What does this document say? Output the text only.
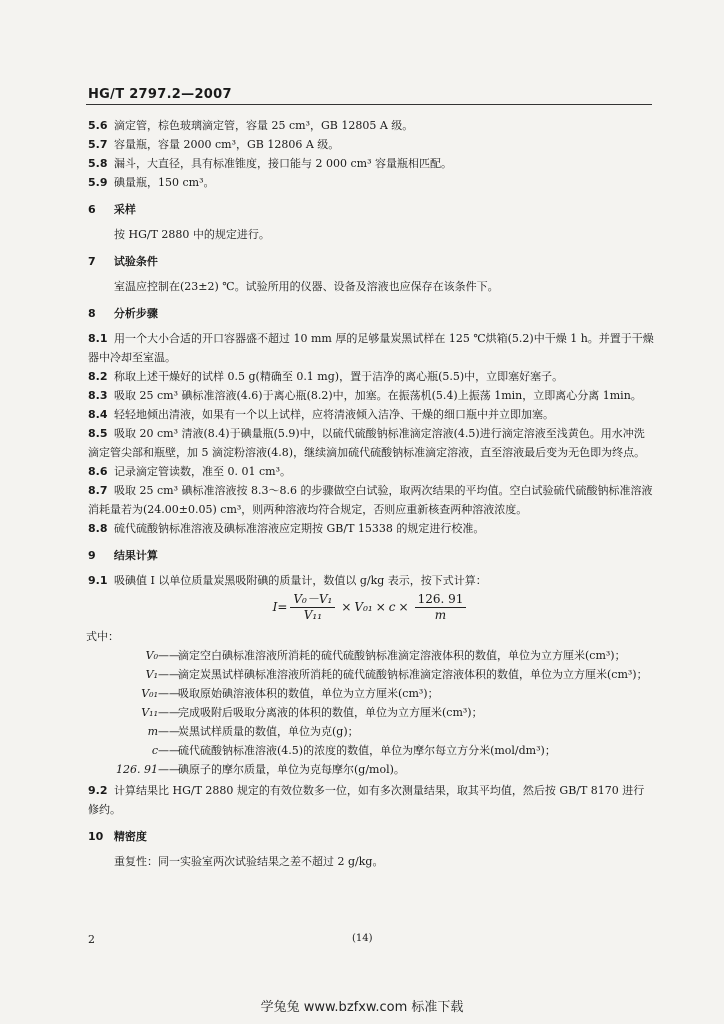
HG/T 2797.2—2007

5.6 滴定管，棕色玻璃滴定管，容量 25 cm³，GB 12805 A 级。

5.7 容量瓶，容量 2000 cm³，GB 12806 A 级。

5.8 漏斗，大直径，具有标准锥度，接口能与 2 000 cm³ 容量瓶相匹配。

5.9 碘量瓶，150 cm³。

6 采样

按 HG/T 2880 中的规定进行。

7 试验条件

室温应控制在(23±2) ℃。试验所用的仪器、设备及溶液也应保存在该条件下。

8 分析步骤

8.1 用一个大小合适的开口容器盛不超过 10 mm 厚的足够量炭黑试样在 125 ℃烘箱(5.2)中干燥 1 h。并置于干燥器中冷却至室温。

8.2 称取上述干燥好的试样 0.5 g(精确至 0.1 mg)，置于洁净的离心瓶(5.5)中，立即塞好塞子。

8.3 吸取 25 cm³ 碘标准溶液(4.6)于离心瓶(8.2)中，加塞。在振荡机(5.4)上振荡 1min，立即离心分离 1min。

8.4 轻轻地倾出清液，如果有一个以上试样，应将清液倾入洁净、干燥的细口瓶中并立即加塞。

8.5 吸取 20 cm³ 清液(8.4)于碘量瓶(5.9)中，以硫代硫酸钠标准滴定溶液(4.5)进行滴定溶液至浅黄色。用水冲洗滴定管尖部和瓶壁，加 5 滴淀粉溶液(4.8)，继续滴加硫代硫酸钠标准滴定溶液，直至溶液最后变为无色即为终点。

8.6 记录滴定管读数，准至 0. 01 cm³。

8.7 吸取 25 cm³ 碘标准溶液按 8.3～8.6 的步骤做空白试验，取两次结果的平均值。空白试验硫代硫酸钠标准溶液消耗量若为(24.00±0.05) cm³，则两种溶液均符合规定，否则应重新核查两种溶液浓度。

8.8 硫代硫酸钠标准溶液及碘标准溶液应定期按 GB/T 15338 的规定进行校准。

9 结果计算

9.1 吸碘值 I 以单位质量炭黑吸附碘的质量计，数值以 g/kg 表示，按下式计算：

$I= \frac{\text{V₀－V₁}}{\text{V₁₁}} \times V_{01} \times c \times \frac{126. 91}{m}$
式中：
V₀ ——
滴定空白碘标准溶液所消耗的硫代硫酸钠标准滴定溶液体积的数值，单位为立方厘米(cm³)；
V₁ ——
滴定炭黑试样碘标准溶液所消耗的硫代硫酸钠标准滴定溶液体积的数值，单位为立方厘米(cm³)；
V₀₁ ——
吸取原始碘溶液体积的数值，单位为立方厘米(cm³)；
V₁₁ ——
完成吸附后吸取分离液的体积的数值，单位为立方厘米(cm³)；
m ——
炭黑试样质量的数值，单位为克(g)；
c ——
硫代硫酸钠标准溶液(4.5)的浓度的数值，单位为摩尔每立方分米(mol/dm³)；
126. 91 ——
碘原子的摩尔质量，单位为克每摩尔(g/mol)。

9.2 计算结果比 HG/T 2880 规定的有效位数多一位，如有多次测量结果，取其平均值，然后按 GB/T 8170 进行修约。

10 精密度

重复性：同一实验室两次试验结果之差不超过 2 g/kg。

2	(14)
学兔兔 www.bzfxw.com 标准下载
